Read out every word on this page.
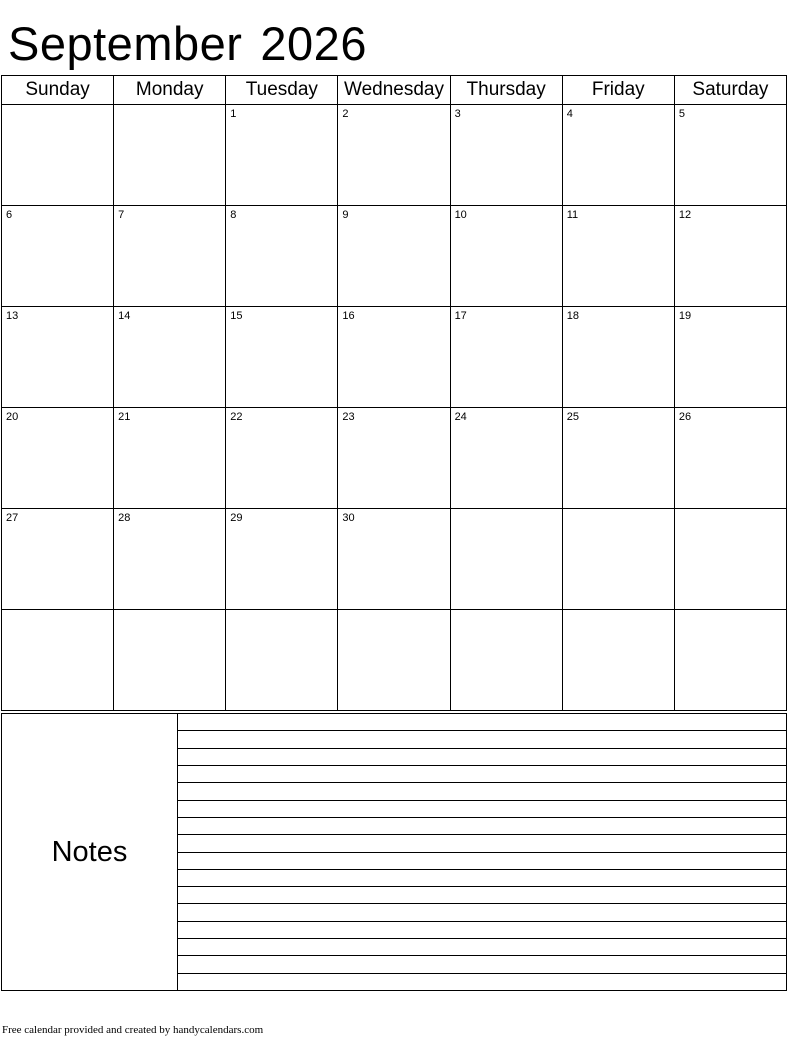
September 2026
Sunday	Monday	Tuesday	Wednesday	Thursday	Friday	Saturday

		1	2	3	4	5

6	7	8	9	10	11	12

13	14	15	16	17	18	19

20	21	22	23	24	25	26

27	28	29	30			

Notes
Free calendar provided and created by handycalendars.com
